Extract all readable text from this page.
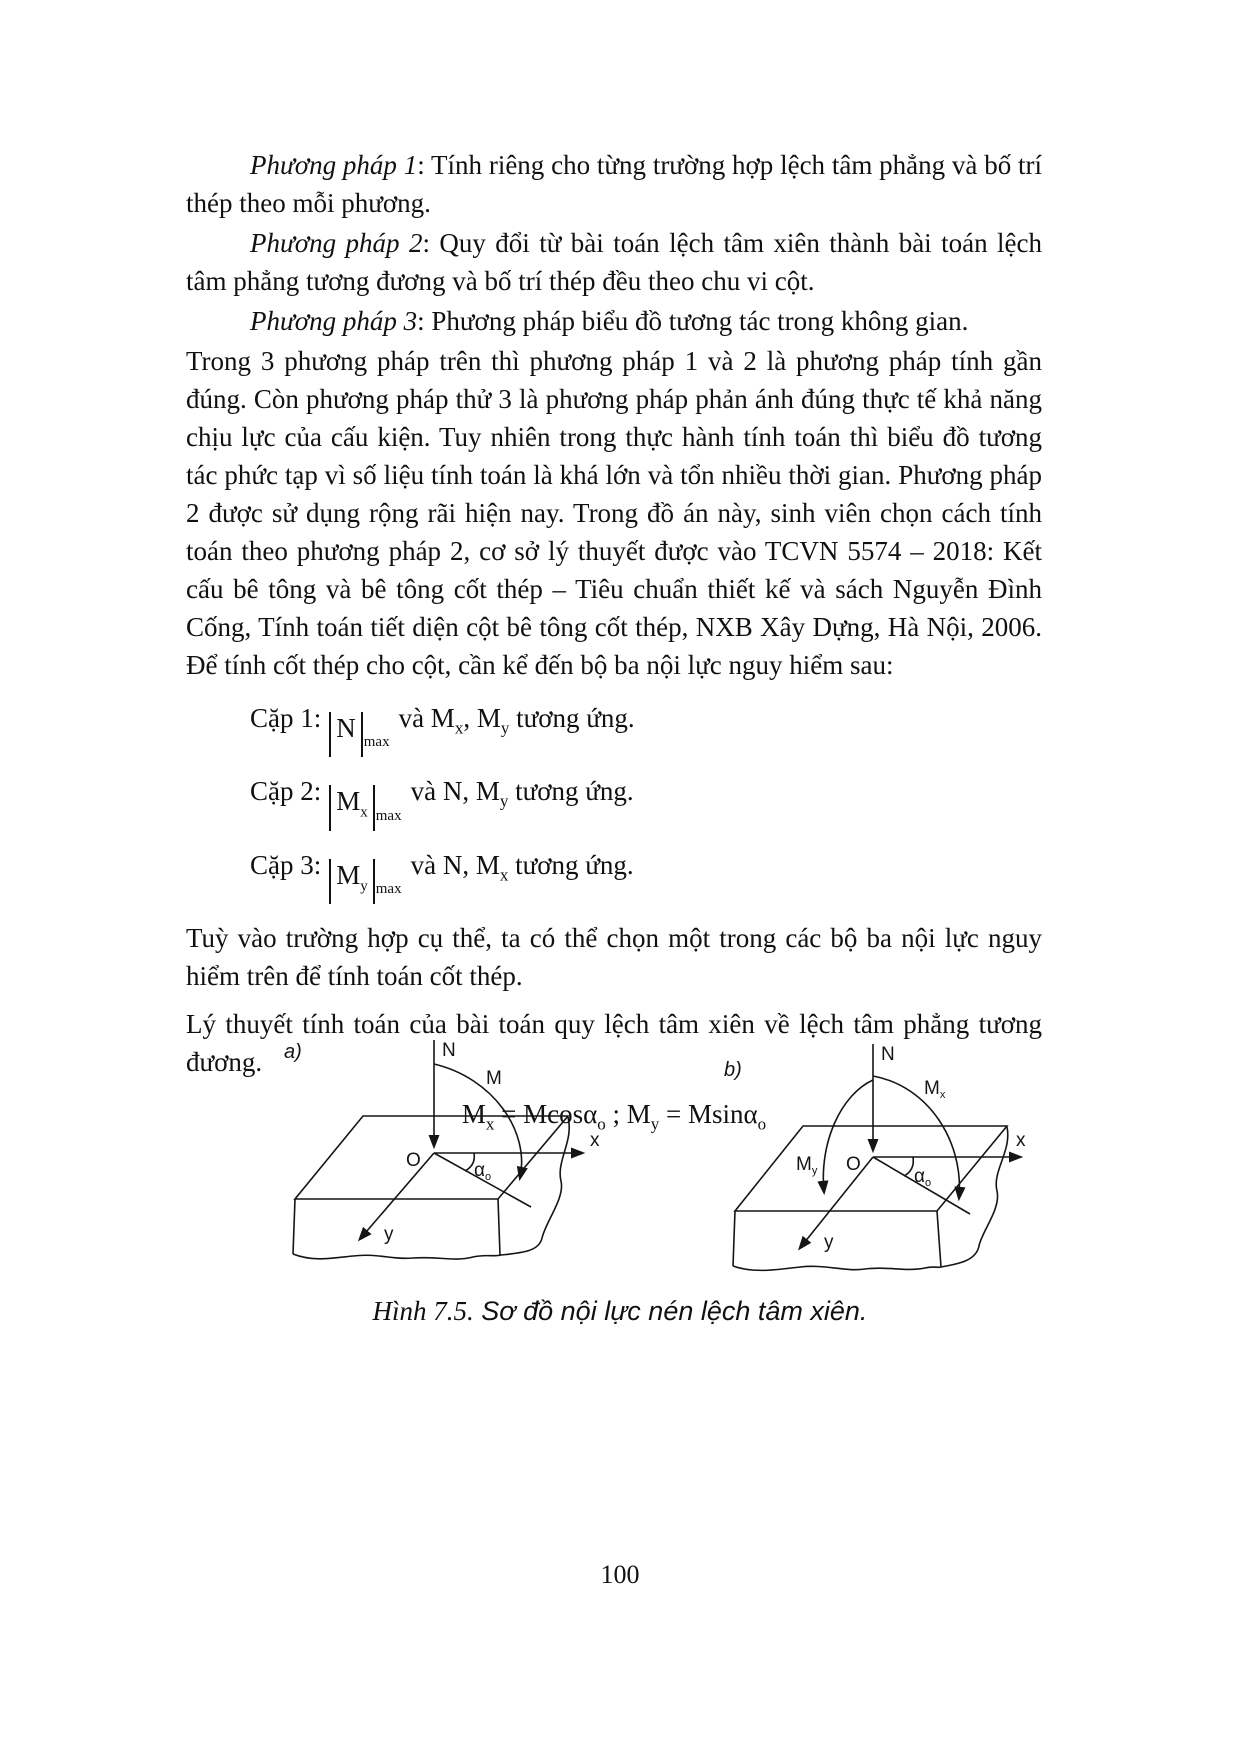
Phương pháp 1: Tính riêng cho từng trường hợp lệch tâm phẳng và bố trí thép theo mỗi phương.

Phương pháp 2: Quy đổi từ bài toán lệch tâm xiên thành bài toán lệch tâm phẳng tương đương và bố trí thép đều theo chu vi cột.

Phương pháp 3: Phương pháp biểu đồ tương tác trong không gian.

Trong 3 phương pháp trên thì phương pháp 1 và 2 là phương pháp tính gần đúng. Còn phương pháp thử 3 là phương pháp phản ánh đúng thực tế khả năng chịu lực của cấu kiện. Tuy nhiên trong thực hành tính toán thì biểu đồ tương tác phức tạp vì số liệu tính toán là khá lớn và tổn nhiều thời gian. Phương pháp 2 được sử dụng rộng rãi hiện nay. Trong đồ án này, sinh viên chọn cách tính toán theo phương pháp 2, cơ sở lý thuyết được vào TCVN 5574 – 2018: Kết cấu bê tông và bê tông cốt thép – Tiêu chuẩn thiết kế và sách Nguyễn Đình Cống, Tính toán tiết diện cột bê tông cốt thép, NXB Xây Dựng, Hà Nội, 2006. Để tính cốt thép cho cột, cần kể đến bộ ba nội lực nguy hiểm sau:

Cặp 1: N $_{max}$và $M_x$, $M_y$ tương ứng.
Cặp 2: $M_x$ $_{max}$và N, $M_y$ tương ứng.
Cặp 3: $M_y$ $_{max}$và N, $M_x$ tương ứng.

Tuỳ vào trường hợp cụ thể, ta có thể chọn một trong các bộ ba nội lực nguy hiểm trên để tính toán cốt thép.

Lý thuyết tính toán của bài toán quy lệch tâm xiên về lệch tâm phẳng tương đương.

$M_x = Mcos\alpha_o$ ; $M_y = Msin\alpha_o$
a)	N
M
O
x
y
$\alpha_o$
b)
N
$M_x$
$M_y$ O
x
y
$\alpha_o$
Hình 7.5. Sơ đồ nội lực nén lệch tâm xiên.
100
